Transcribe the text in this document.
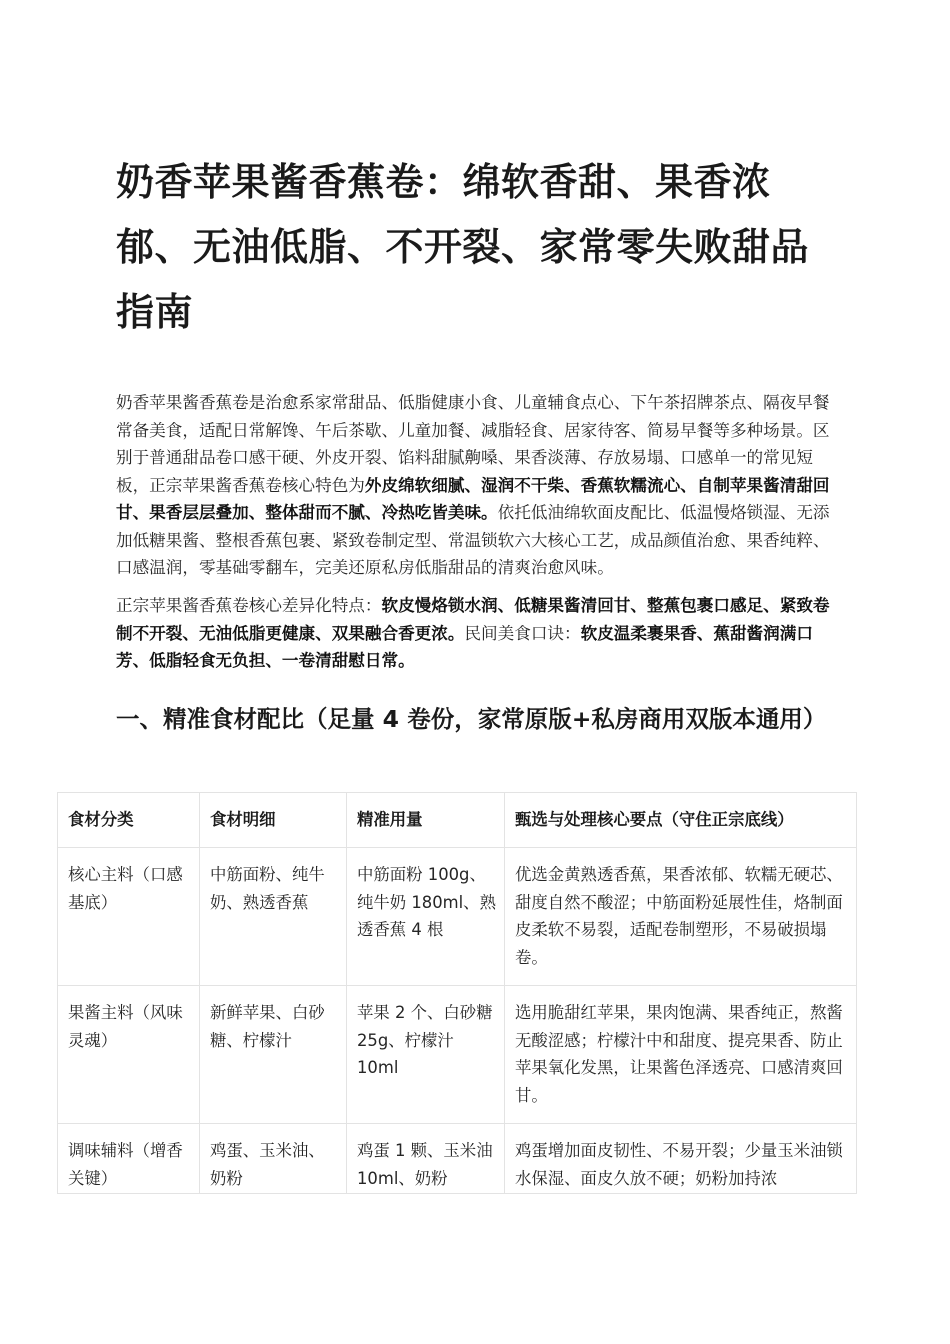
奶香苹果酱香蕉卷：绵软香甜、果香浓郁、无油低脂、不开裂、家常零失败甜品指南

奶香苹果酱香蕉卷是治愈系家常甜品、低脂健康小食、儿童辅食点心、下午茶招牌茶点、隔夜早餐常备美食，适配日常解馋、午后茶歇、儿童加餐、减脂轻食、居家待客、简易早餐等多种场景。区别于普通甜品卷口感干硬、外皮开裂、馅料甜腻齁嗓、果香淡薄、存放易塌、口感单一的常见短板，正宗苹果酱香蕉卷核心特色为外皮绵软细腻、湿润不干柴、香蕉软糯流心、自制苹果酱清甜回甘、果香层层叠加、整体甜而不腻、冷热吃皆美味。依托低油绵软面皮配比、低温慢烙锁湿、无添加低糖果酱、整根香蕉包裹、紧致卷制定型、常温锁软六大核心工艺，成品颜值治愈、果香纯粹、口感温润，零基础零翻车，完美还原私房低脂甜品的清爽治愈风味。

正宗苹果酱香蕉卷核心差异化特点：软皮慢烙锁水润、低糖果酱清回甘、整蕉包裹口感足、紧致卷制不开裂、无油低脂更健康、双果融合香更浓。民间美食口诀：软皮温柔裹果香、蕉甜酱润满口芳、低脂轻食无负担、一卷清甜慰日常。

一、精准食材配比（足量 4 卷份，家常原版+私房商用双版本通用）
食材分类	食材明细	精准用量	甄选与处理核心要点（守住正宗底线）
核心主料（口感基底）	中筋面粉、纯牛奶、熟透香蕉	中筋面粉 100g、纯牛奶 180ml、熟透香蕉 4 根	优选金黄熟透香蕉，果香浓郁、软糯无硬芯、甜度自然不酸涩；中筋面粉延展性佳，烙制面皮柔软不易裂，适配卷制塑形，不易破损塌卷。
果酱主料（风味灵魂）	新鲜苹果、白砂糖、柠檬汁	苹果 2 个、白砂糖 25g、柠檬汁 10ml	选用脆甜红苹果，果肉饱满、果香纯正，熬酱无酸涩感；柠檬汁中和甜度、提亮果香、防止苹果氧化发黑，让果酱色泽透亮、口感清爽回甘。
调味辅料（增香关键）	鸡蛋、玉米油、奶粉	鸡蛋 1 颗、玉米油 10ml、奶粉	鸡蛋增加面皮韧性、不易开裂；少量玉米油锁水保湿、面皮久放不硬；奶粉加持浓
